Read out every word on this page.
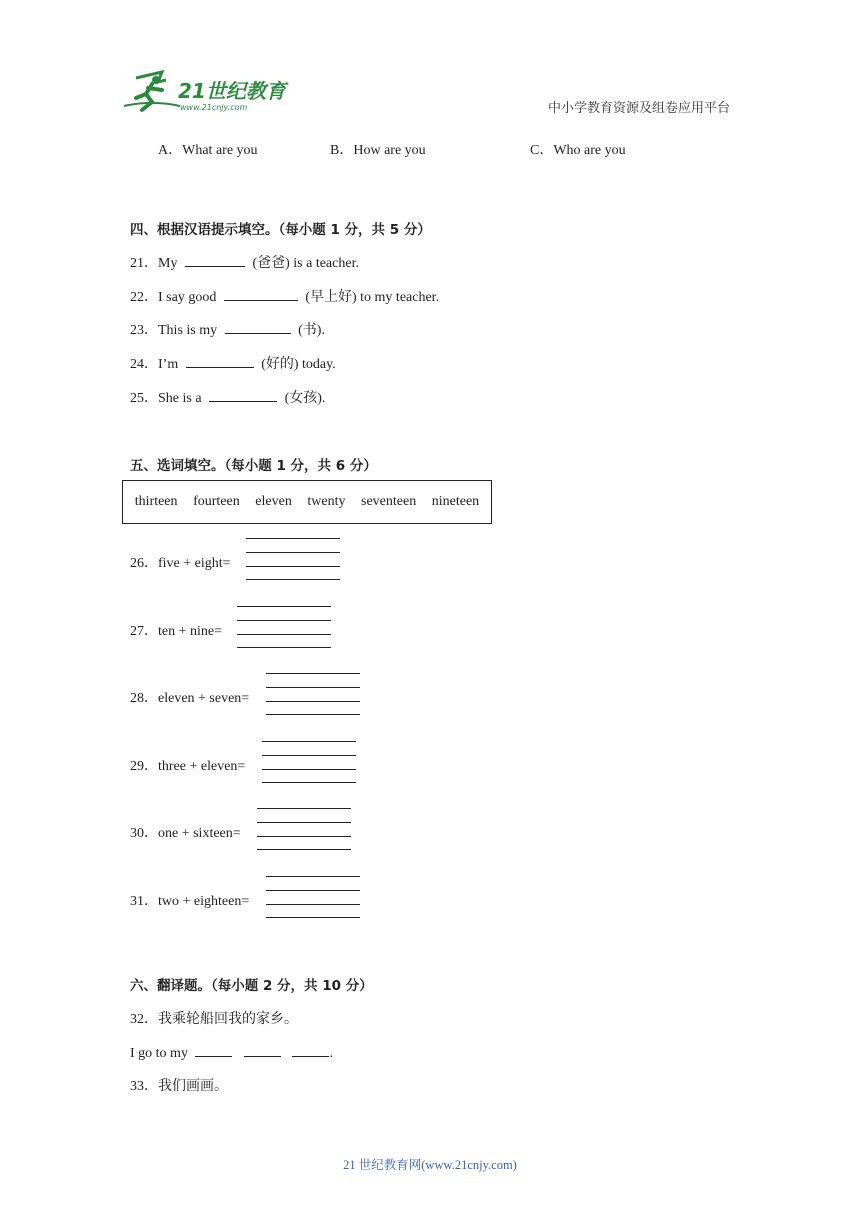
21世纪教育
www.21cnjy.com	中小学教育资源及组卷应用平台
A．What are you	B．How are you	C．Who are you
四、根据汉语提示填空。（每小题 1 分，共 5 分）
21．My	(爸爸) is a teacher.
22．I say good	(早上好) to my teacher.
23．This is my	(书).
24．I’m	(好的) today.
25．She is a	(女孩).
五、选词填空。（每小题 1 分，共 6 分）
thirteen fourteen eleven twenty seventeen nineteen
26．five + eight=
27．ten + nine=
28．eleven + seven=
29．three + eleven=
30．one + sixteen=
31．two + eighteen=
六、翻译题。（每小题 2 分，共 10 分）
32．我乘轮船回我的家乡。
I go to my	.
33．我们画画。
21 世纪教育网(www.21cnjy.com)
